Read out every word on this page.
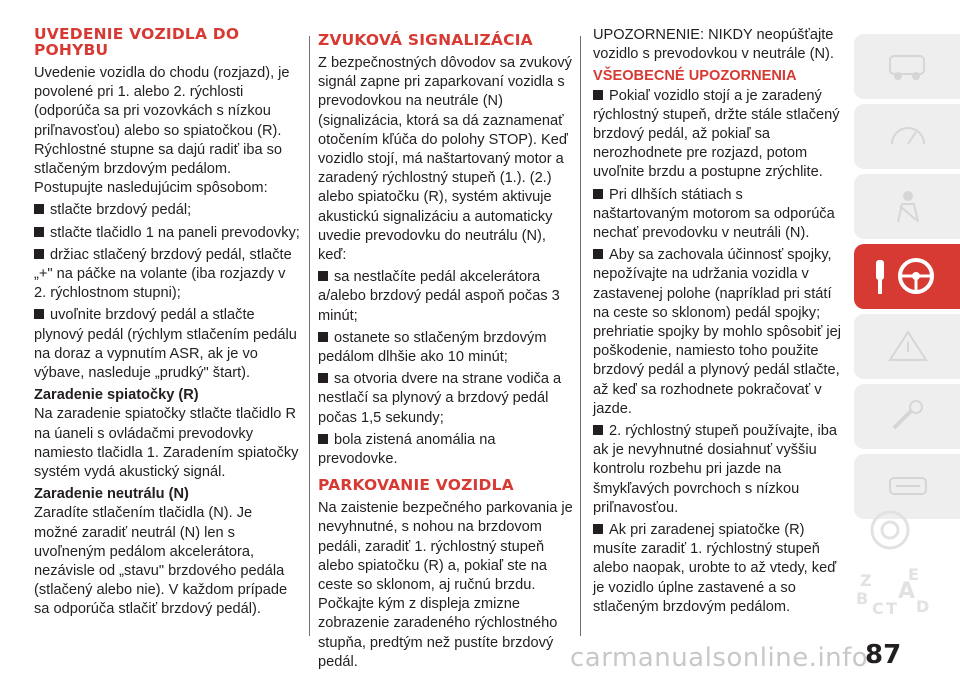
UVEDENIE VOZIDLA DO POHYBU

Uvedenie vozidla do chodu (rozjazd), je povolené pri 1. alebo 2. rýchlosti (odporúča sa pri vozovkách s nízkou priľnavosťou) alebo so spiatočkou (R). Rýchlostné stupne sa dajú radiť iba so stlačeným brzdovým pedálom. Postupujte nasledujúcim spôsobom:

stlačte brzdový pedál;

stlačte tlačidlo 1 na paneli prevodovky;

držiac stlačený brzdový pedál, stlačte „+" na páčke na volante (iba rozjazdy v 2. rýchlostnom stupni);

uvoľnite brzdový pedál a stlačte plynový pedál (rýchlym stlačením pedálu na doraz a vypnutím ASR, ak je vo výbave, nasleduje „prudký" štart).

Zaradenie spiatočky (R)

Na zaradenie spiatočky stlačte tlačidlo R na úaneli s ovládačmi prevodovky namiesto tlačidla 1. Zaradením spiatočky systém vydá akustický signál.

Zaradenie neutrálu (N)

Zaradíte stlačením tlačidla (N). Je možné zaradiť neutrál (N) len s uvoľneným pedálom akcelerátora, nezávisle od „stavu" brzdového pedála (stlačený alebo nie). V každom prípade sa odporúča stlačiť brzdový pedál).

ZVUKOVÁ SIGNALIZÁCIA

Z bezpečnostných dôvodov sa zvukový signál zapne pri zaparkovaní vozidla s prevodovkou na neutrále (N) (signalizácia, ktorá sa dá zaznamenať otočením kľúča do polohy STOP). Keď vozidlo stojí, má naštartovaný motor a zaradený rýchlostný stupeň (1.). (2.) alebo spiatočku (R), systém aktivuje akustickú signalizáciu a automaticky uvedie prevodovku do neutrálu (N), keď:

sa nestlačíte pedál akcelerátora a/alebo brzdový pedál aspoň počas 3 minút;

ostanete so stlačeným brzdovým pedálom dlhšie ako 10 minút;

sa otvoria dvere na strane vodiča a nestlačí sa plynový a brzdový pedál počas 1,5 sekundy;

bola zistená anomália na prevodovke.

PARKOVANIE VOZIDLA

Na zaistenie bezpečného parkovania je nevyhnutné, s nohou na brzdovom pedáli, zaradiť 1. rýchlostný stupeň alebo spiatočku (R) a, pokiaľ ste na ceste so sklonom, aj ručnú brzdu. Počkajte kým z displeja zmizne zobrazenie zaradeného rýchlostného stupňa, predtým než pustíte brzdový pedál.

UPOZORNENIE: NIKDY neopúšťajte vozidlo s prevodovkou v neutrále (N).

VŠEOBECNÉ UPOZORNENIA

Pokiaľ vozidlo stojí a je zaradený rýchlostný stupeň, držte stále stlačený brzdový pedál, až pokiaľ sa nerozhodnete pre rozjazd, potom uvoľnite brzdu a postupne zrýchlite.

Pri dlhších státiach s naštartovaným motorom sa odporúča nechať prevodovku v neutráli (N).

Aby sa zachovala účinnosť spojky, nepožívajte na udržania vozidla v zastavenej polohe (napríklad pri státí na ceste so sklonom) pedál spojky; prehriatie spojky by mohlo spôsobiť jej poškodenie, namiesto toho použite brzdový pedál a plynový pedál stlačte, až keď sa rozhodnete pokračovať v jazde.

2. rýchlostný stupeň používajte, iba ak je nevyhnutné dosiahnuť vyššiu kontrolu rozbehu pri jazde na šmykľavých povrchoch s nízkou priľnavosťou.

Ak pri zaradenej spiatočke (R) musíte zaradiť 1. rýchlostný stupeň alebo naopak, urobte to až vtedy, keď je vozidlo úplne zastavené a so stlačeným brzdovým pedálom.

Z E
B A
C T D
carmanualsonline.info
87
